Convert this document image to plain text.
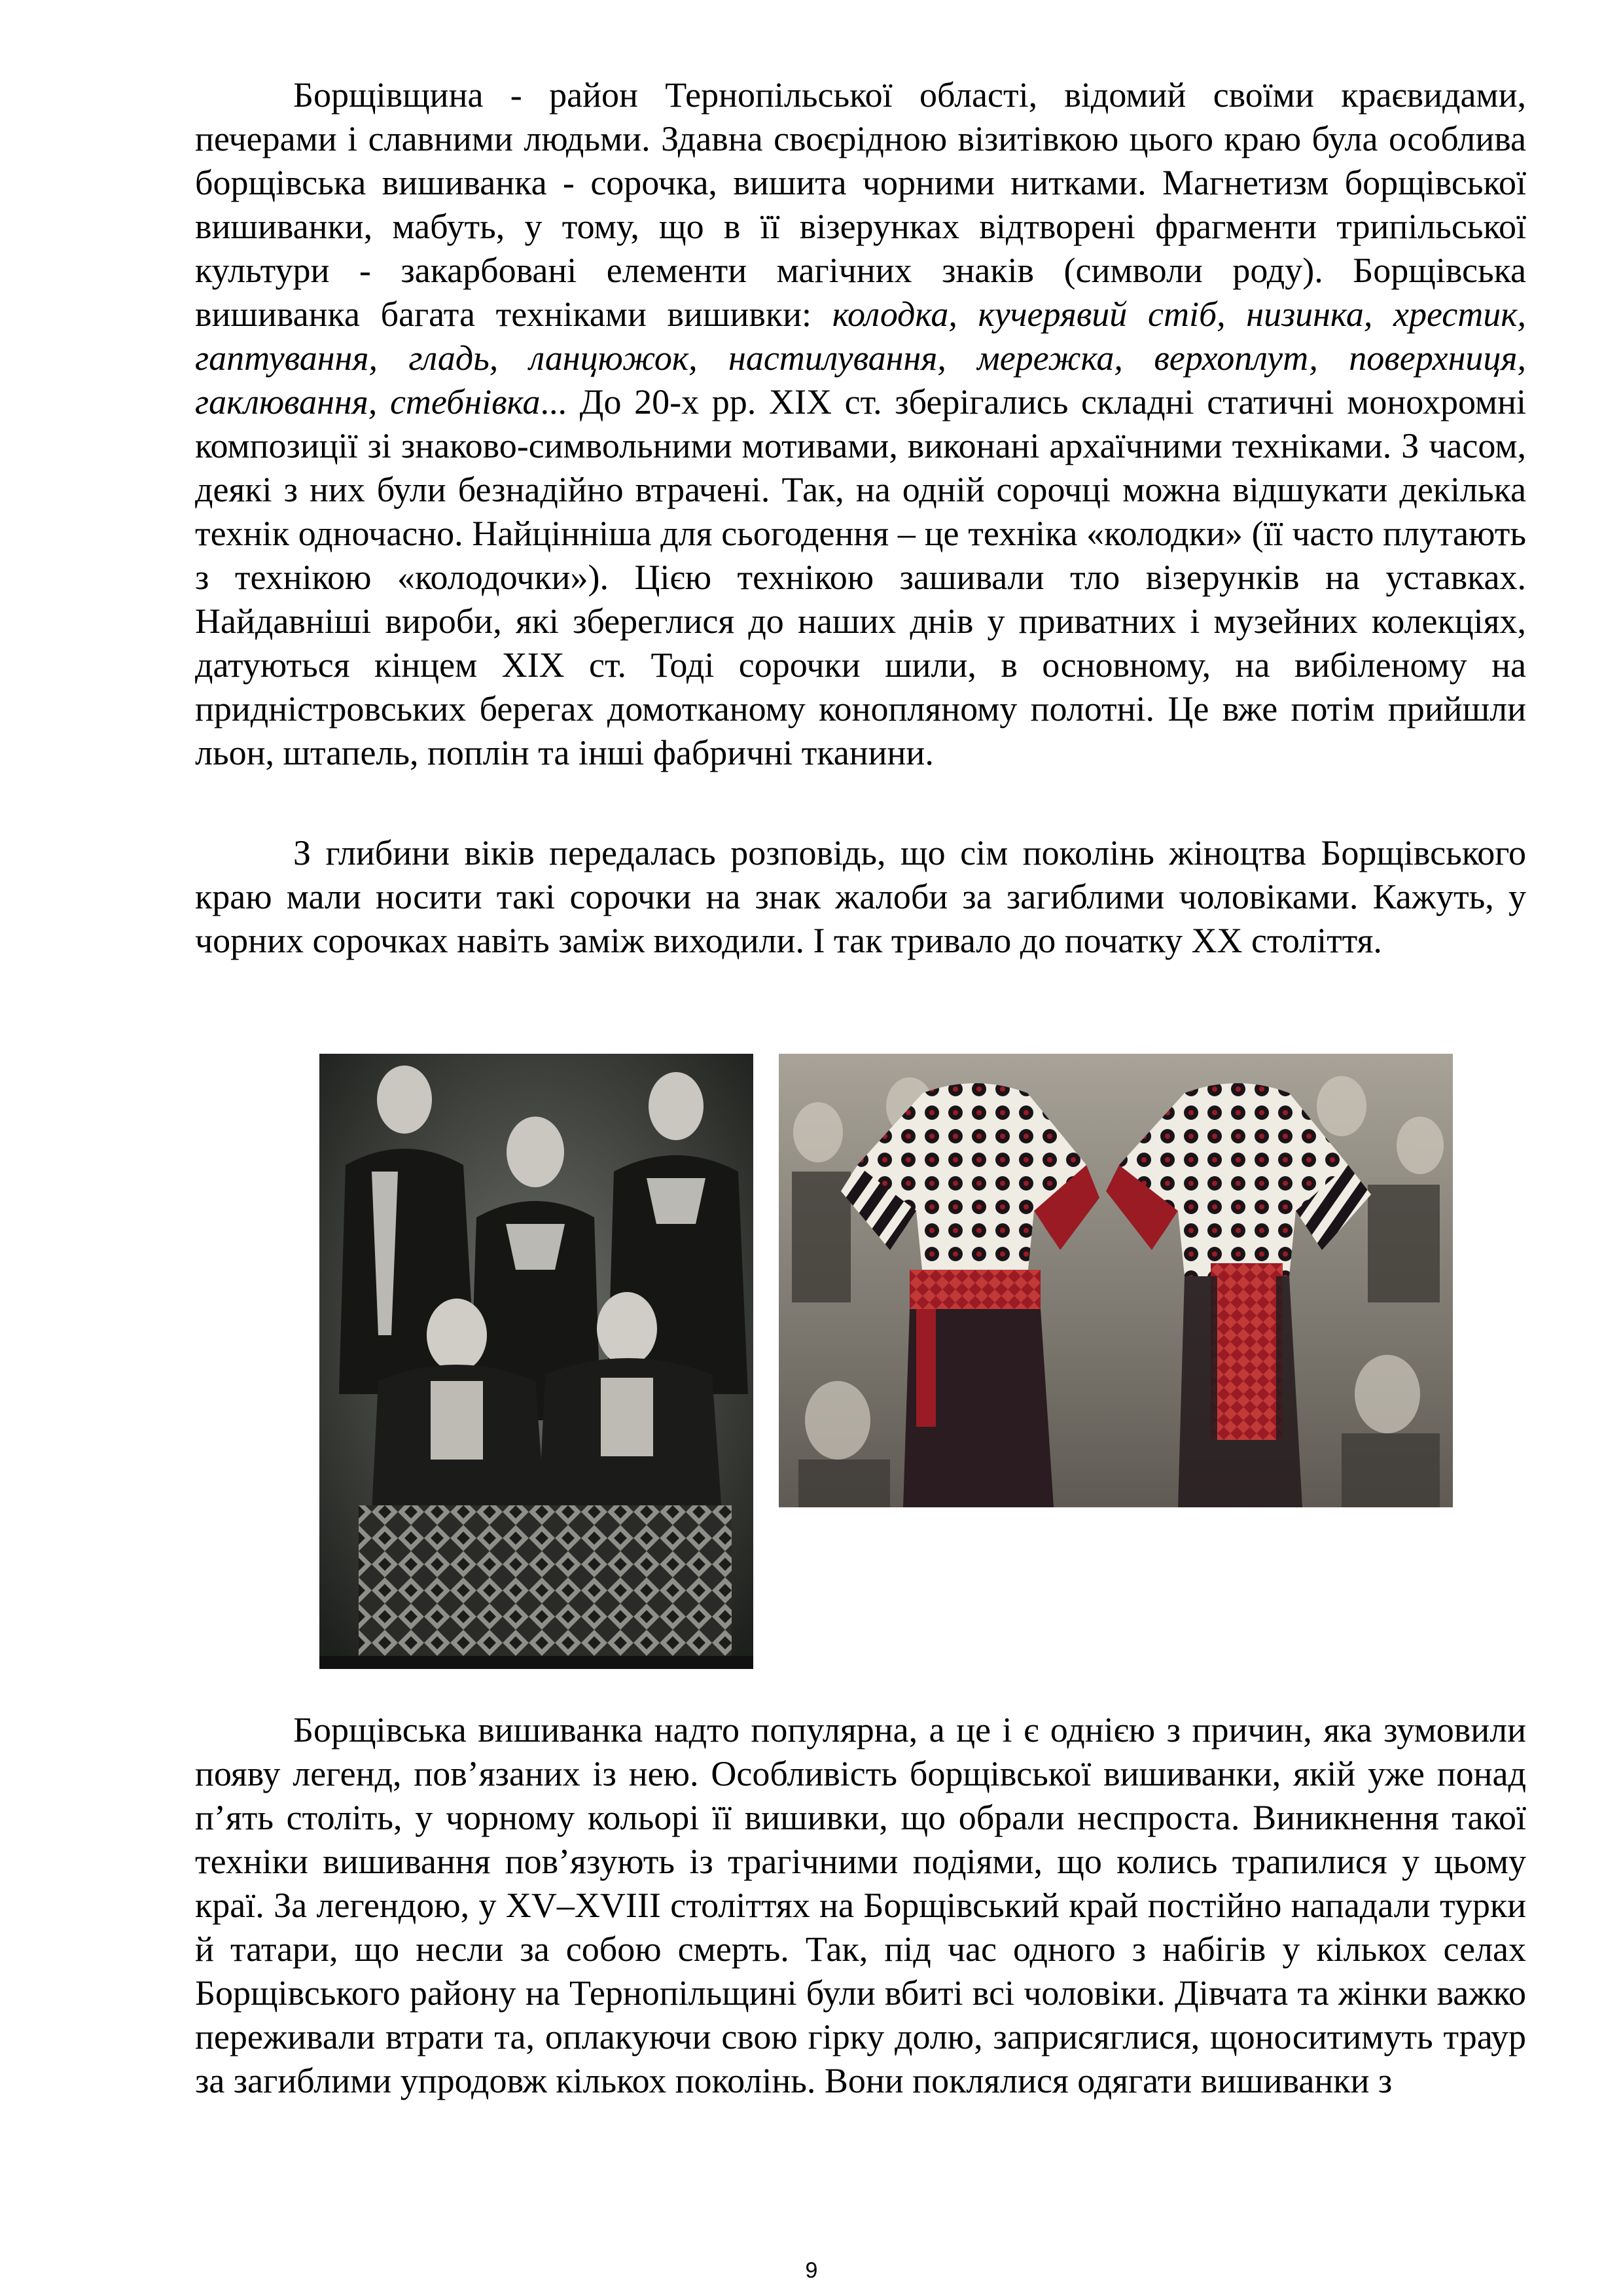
Борщівщина - район Тернопільської області, відомий своїми краєвидами, печерами і славними людьми. Здавна своєрідною візитівкою цього краю була особлива борщівська вишиванка - сорочка, вишита чорними нитками. Магнетизм борщівської вишиванки, мабуть, у тому, що в її візерунках відтворені фрагменти трипільської культури - закарбовані елементи магічних знаків (символи роду). Борщівська вишиванка багата техніками вишивки: колодка, кучерявий стіб, низинка, хрестик, гаптування, гладь, ланцюжок, настилування, мережка, верхоплут, поверхниця, гаклювання, стебнівка... До 20-х рр. XIX ст. зберігались складні статичні монохромні композиції зі знаково-символьними мотивами, виконані архаїчними техніками. З часом, деякі з них були безнадійно втрачені. Так, на одній сорочці можна відшукати декілька технік одночасно. Найцінніша для сьогодення – це техніка «колодки» (її часто плутають з технікою «колодочки»). Цією технікою зашивали тло візерунків на уставках. Найдавніші вироби, які збереглися до наших днів у приватних і музейних колекціях, датуються кінцем XIX ст. Тоді сорочки шили, в основному, на вибіленому на придністровських берегах домотканому конопляному полотні. Це вже потім прийшли льон, штапель, поплін та інші фабричні тканини.

З глибини віків передалась розповідь, що сім поколінь жіноцтва Борщівського краю мали носити такі сорочки на знак жалоби за загиблими чоловіками. Кажуть, у чорних сорочках навіть заміж виходили. І так тривало до початку XX століття.

Борщівська вишиванка надто популярна, а це і є однією з причин, яка зумовили появу легенд, пов’язаних із нею. Особливість борщівської вишиванки, якій уже понад п’ять століть, у чорному кольорі її вишивки, що обрали неспроста. Виникнення такої техніки вишивання пов’язують із трагічними подіями, що колись трапилися у цьому краї. За легендою, у XV–XVIII століттях на Борщівський край постійно нападали турки й татари, що несли за собою смерть. Так, під час одного з набігів у кількох селах Борщівського району на Тернопільщині були вбиті всі чоловіки. Дівчата та жінки важко переживали втрати та, оплакуючи свою гірку долю, заприсяглися, щоноситимуть траур за загиблими упродовж кількох поколінь. Вони поклялися одягати вишиванки з

9
